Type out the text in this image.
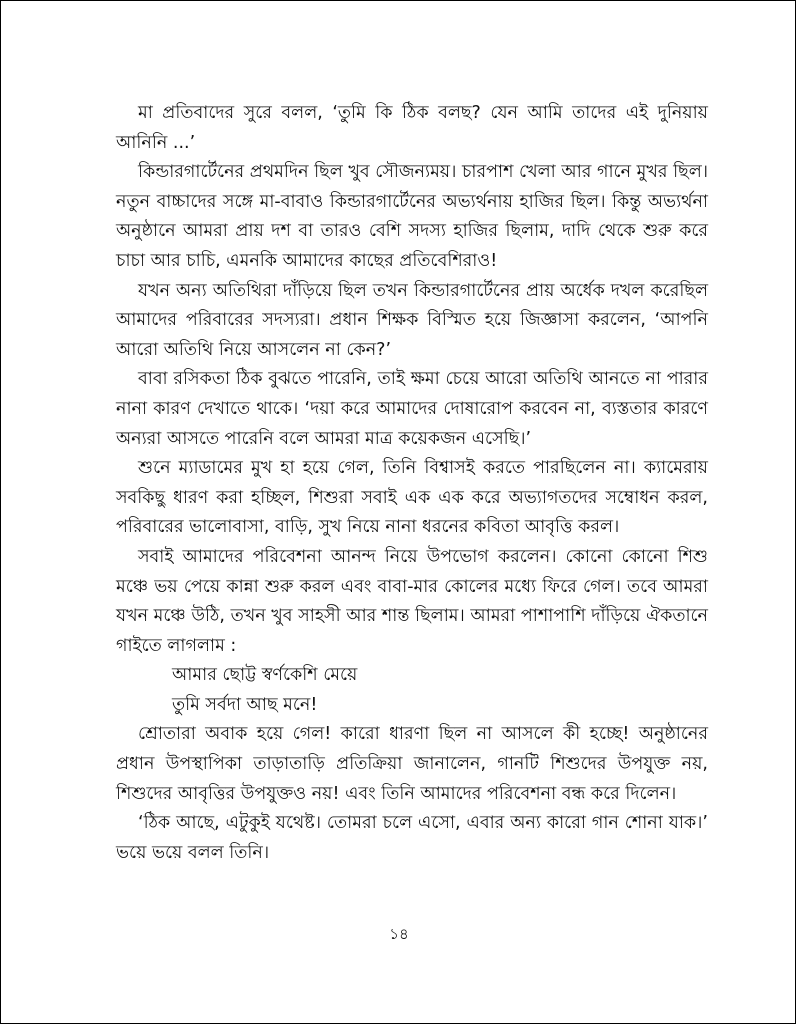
মা প্রতিবাদের সুরে বলল, ‘তুমি কি ঠিক বলছ? যেন আমি তাদের এই দুনিয়ায় আনিনি ...’

কিন্ডারগার্টেনের প্রথমদিন ছিল খুব সৌজন্যময়। চারপাশ খেলা আর গানে মুখর ছিল। নতুন বাচ্চাদের সঙ্গে মা-বাবাও কিন্ডারগার্টেনের অভ্যর্থনায় হাজির ছিল। কিন্তু অভ্যর্থনা অনুষ্ঠানে আমরা প্রায় দশ বা তারও বেশি সদস্য হাজির ছিলাম, দাদি থেকে শুরু করে চাচা আর চাচি, এমনকি আমাদের কাছের প্রতিবেশিরাও!

যখন অন্য অতিথিরা দাঁড়িয়ে ছিল তখন কিন্ডারগার্টেনের প্রায় অর্ধেক দখল করেছিল আমাদের পরিবারের সদস্যরা। প্রধান শিক্ষক বিস্মিত হয়ে জিজ্ঞাসা করলেন, ‘আপনি আরো অতিথি নিয়ে আসলেন না কেন?’

বাবা রসিকতা ঠিক বুঝতে পারেনি, তাই ক্ষমা চেয়ে আরো অতিথি আনতে না পারার নানা কারণ দেখাতে থাকে। ‘দয়া করে আমাদের দোষারোপ করবেন না, ব্যস্ততার কারণে অন্যরা আসতে পারেনি বলে আমরা মাত্র কয়েকজন এসেছি।’

শুনে ম্যাডামের মুখ হা হয়ে গেল, তিনি বিশ্বাসই করতে পারছিলেন না। ক্যামেরায় সবকিছু ধারণ করা হচ্ছিল, শিশুরা সবাই এক এক করে অভ্যাগতদের সম্বোধন করল, পরিবারের ভালোবাসা, বাড়ি, সুখ নিয়ে নানা ধরনের কবিতা আবৃত্তি করল।

সবাই আমাদের পরিবেশনা আনন্দ নিয়ে উপভোগ করলেন। কোনো কোনো শিশু মঞ্চে ভয় পেয়ে কান্না শুরু করল এবং বাবা-মার কোলের মধ্যে ফিরে গেল। তবে আমরা যখন মঞ্চে উঠি, তখন খুব সাহসী আর শান্ত ছিলাম। আমরা পাশাপাশি দাঁড়িয়ে ঐকতানে গাইতে লাগলাম :

আমার ছোট্ট স্বর্ণকেশি মেয়ে

তুমি সর্বদা আছ মনে!

শ্রোতারা অবাক হয়ে গেল! কারো ধারণা ছিল না আসলে কী হচ্ছে! অনুষ্ঠানের প্রধান উপস্থাপিকা তাড়াতাড়ি প্রতিক্রিয়া জানালেন, গানটি শিশুদের উপযুক্ত নয়, শিশুদের আবৃত্তির উপযুক্তও নয়! এবং তিনি আমাদের পরিবেশনা বন্ধ করে দিলেন।

‘ঠিক আছে, এটুকুই যথেষ্ট। তোমরা চলে এসো, এবার অন্য কারো গান শোনা যাক।’ ভয়ে ভয়ে বলল তিনি।

১৪
